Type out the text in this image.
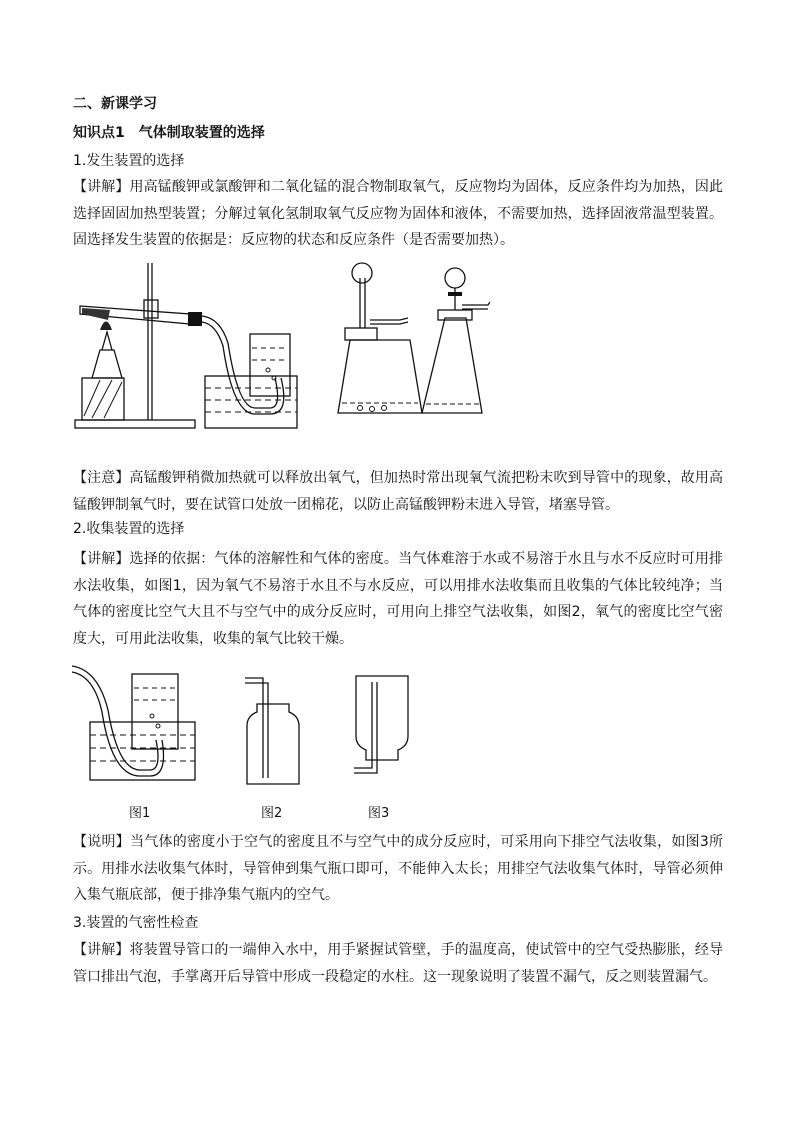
二、新课学习
知识点1　气体制取装置的选择
1.发生装置的选择
【讲解】用高锰酸钾或氯酸钾和二氧化锰的混合物制取氧气，反应物均为固体，反应条件均为加热，因此选择固固加热型装置；分解过氧化氢制取氧气反应物为固体和液体，不需要加热，选择固液常温型装置。固选择发生装置的依据是：反应物的状态和反应条件（是否需要加热）。
【注意】高锰酸钾稍微加热就可以释放出氧气，但加热时常出现氧气流把粉末吹到导管中的现象，故用高锰酸钾制氧气时，要在试管口处放一团棉花，以防止高锰酸钾粉末进入导管，堵塞导管。
2.收集装置的选择
【讲解】选择的依据：气体的溶解性和气体的密度。当气体难溶于水或不易溶于水且与水不反应时可用排水法收集，如图1，因为氧气不易溶于水且不与水反应，可以用排水法收集而且收集的气体比较纯净；当气体的密度比空气大且不与空气中的成分反应时，可用向上排空气法收集，如图2，氧气的密度比空气密度大，可用此法收集，收集的氧气比较干燥。
图1	图2	图3
【说明】当气体的密度小于空气的密度且不与空气中的成分反应时，可采用向下排空气法收集，如图3所示。用排水法收集气体时，导管伸到集气瓶口即可，不能伸入太长；用排空气法收集气体时，导管必须伸入集气瓶底部，便于排净集气瓶内的空气。
3.装置的气密性检查
【讲解】将装置导管口的一端伸入水中，用手紧握试管壁，手的温度高，使试管中的空气受热膨胀，经导管口排出气泡，手掌离开后导管中形成一段稳定的水柱。这一现象说明了装置不漏气，反之则装置漏气。
